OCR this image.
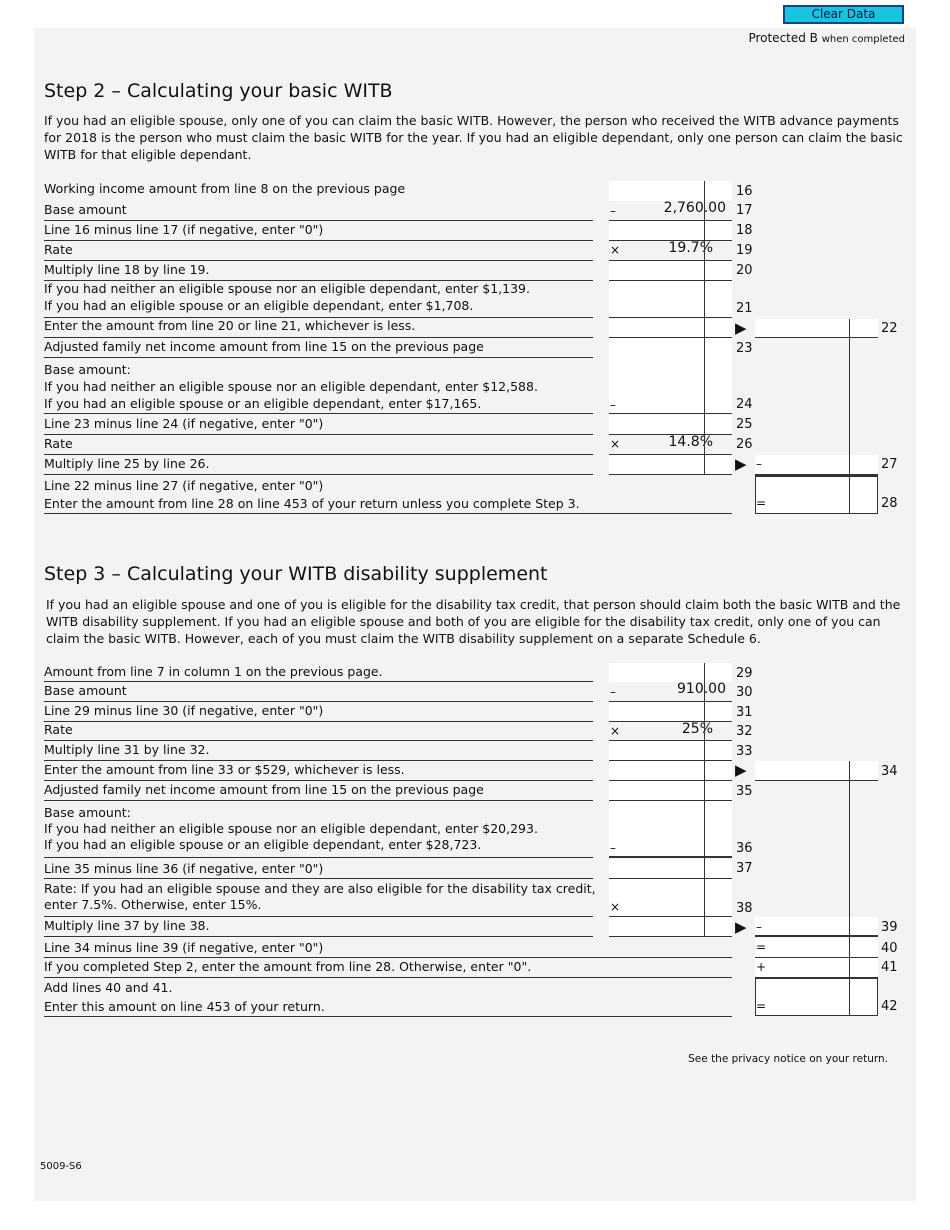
Clear Data
Protected B when completed
Step 2 – Calculating your basic WITB
If you had an eligible spouse, only one of you can claim the basic WITB. However, the person who received the WITB advance payments
for 2018 is the person who must claim the basic WITB for the year. If you had an eligible dependant, only one person can claim the basic
WITB for that eligible dependant.
Working income amount from line 8 on the previous page	16
Base amount	–	2,760.00 17
Line 16 minus line 17 (if negative, enter "0")	18
Rate	×	19.7% 19
Multiply line 18 by line 19.	20
If you had neither an eligible spouse nor an eligible dependant, enter $1,139.
If you had an eligible spouse or an eligible dependant, enter $1,708.	21
Enter the amount from line 20 or line 21, whichever is less.	▶	22
Adjusted family net income amount from line 15 on the previous page	23
Base amount:
If you had neither an eligible spouse nor an eligible dependant, enter $12,588.
If you had an eligible spouse or an eligible dependant, enter $17,165.	–	24
Line 23 minus line 24 (if negative, enter "0")	25
Rate	×	14.8% 26
Multiply line 25 by line 26.	▶ –	27
Line 22 minus line 27 (if negative, enter "0")
Enter the amount from line 28 on line 453 of your return unless you complete Step 3.	=	28
Step 3 – Calculating your WITB disability supplement
If you had an eligible spouse and one of you is eligible for the disability tax credit, that person should claim both the basic WITB and the
WITB disability supplement. If you had an eligible spouse and both of you are eligible for the disability tax credit, only one of you can
claim the basic WITB. However, each of you must claim the WITB disability supplement on a separate Schedule 6.
Amount from line 7 in column 1 on the previous page.	29
Base amount	–	910.00 30
Line 29 minus line 30 (if negative, enter "0")	31
Rate	×	25% 32
Multiply line 31 by line 32.	33
Enter the amount from line 33 or $529, whichever is less.	▶	34
Adjusted family net income amount from line 15 on the previous page	35
Base amount:
If you had neither an eligible spouse nor an eligible dependant, enter $20,293.
If you had an eligible spouse or an eligible dependant, enter $28,723.	–	36
Line 35 minus line 36 (if negative, enter "0")	37
Rate: If you had an eligible spouse and they are also eligible for the disability tax credit,
enter 7.5%. Otherwise, enter 15%.	×	38
Multiply line 37 by line 38.	▶ –	39
Line 34 minus line 39 (if negative, enter "0")	=	40
If you completed Step 2, enter the amount from line 28. Otherwise, enter "0".	+	41
Add lines 40 and 41.
Enter this amount on line 453 of your return.	=	42
See the privacy notice on your return.
5009-S6
